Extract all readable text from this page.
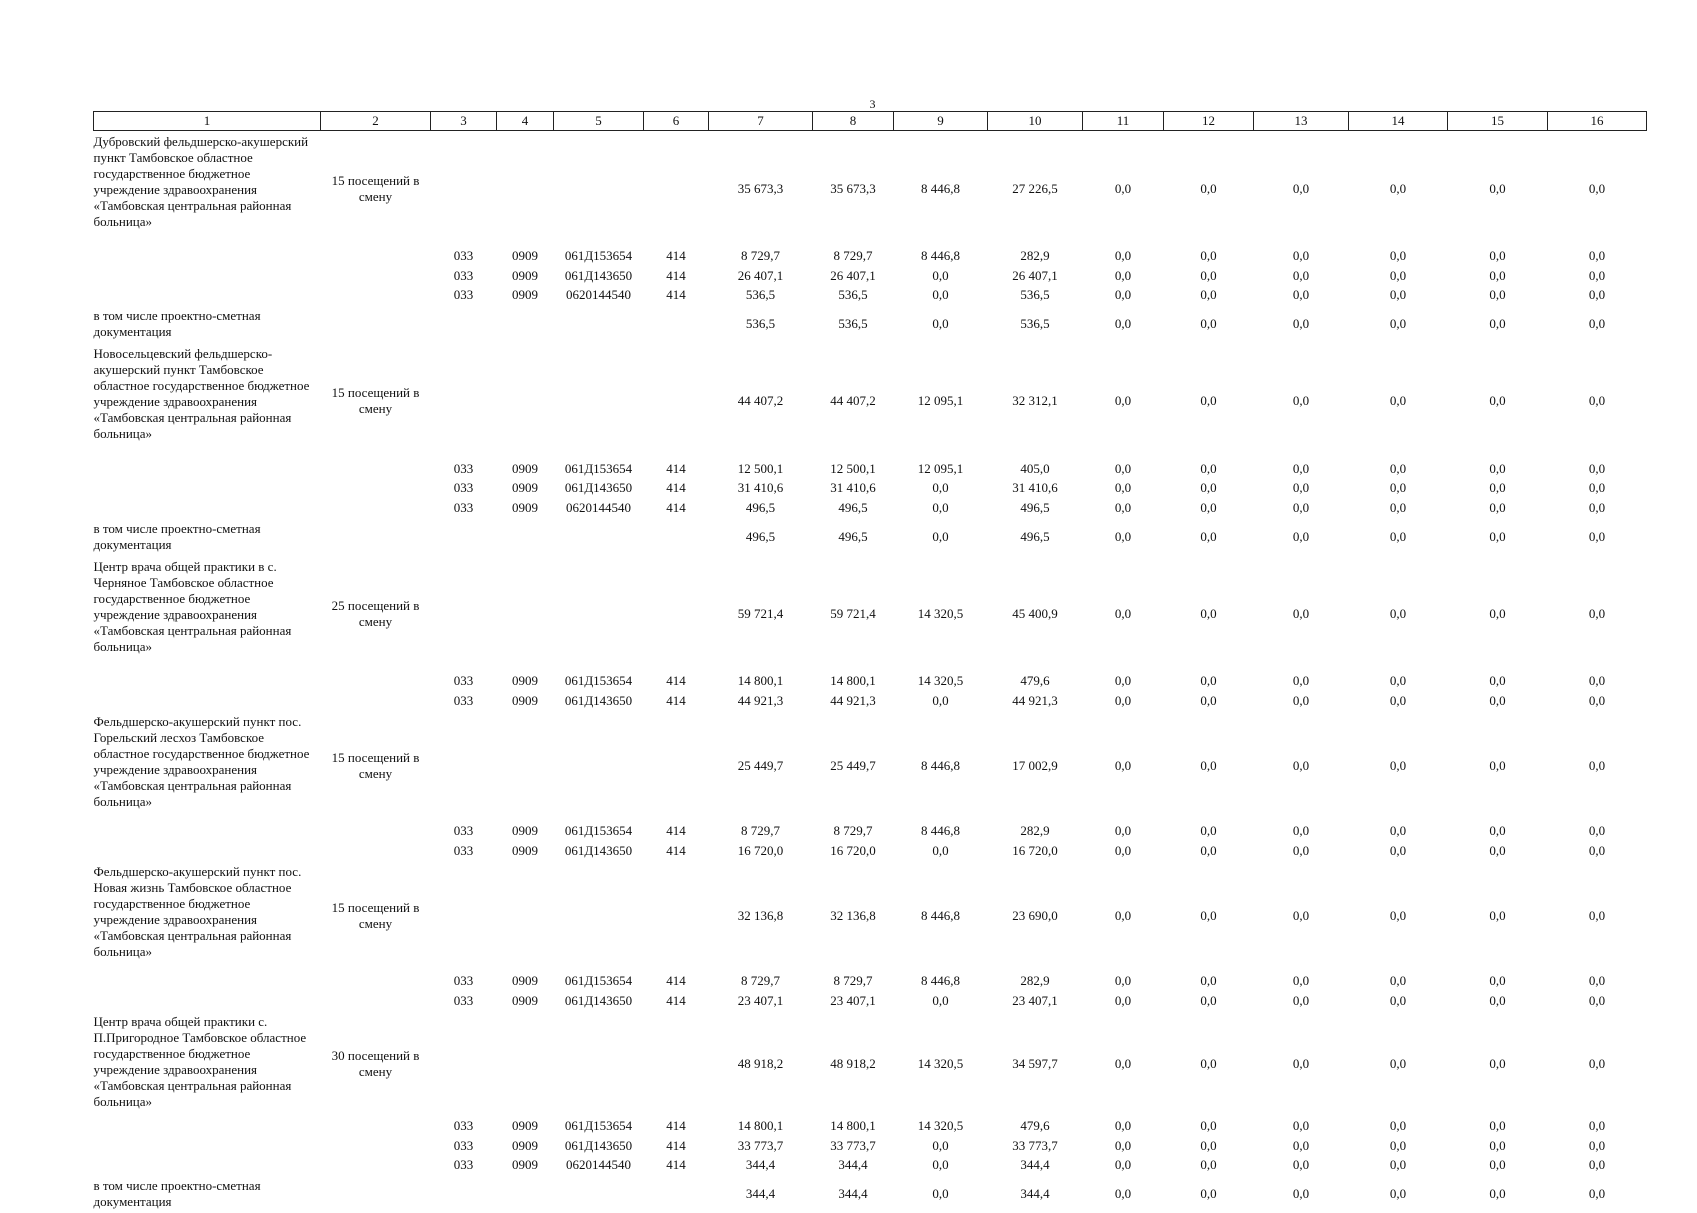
3
1	2	3	4	5	6	7	8	9	10	11	12	13	14	15	16
Дубровский фельдшерско-акушерский пункт Тамбовское областное государственное бюджетное учреждение здравоохранения «Тамбовская центральная районная больница»	15 посещений в смену					35 673,3	35 673,3	8 446,8	27 226,5	0,0	0,0	0,0	0,0	0,0	0,0
		033	0909	061Д153654	414	8 729,7	8 729,7	8 446,8	282,9	0,0	0,0	0,0	0,0	0,0	0,0
		033	0909	061Д143650	414	26 407,1	26 407,1	0,0	26 407,1	0,0	0,0	0,0	0,0	0,0	0,0
		033	0909	0620144540	414	536,5	536,5	0,0	536,5	0,0	0,0	0,0	0,0	0,0	0,0
в том числе проектно-сметная документация						536,5	536,5	0,0	536,5	0,0	0,0	0,0	0,0	0,0	0,0
Новосельцевский фельдшерско-акушерский пункт Тамбовское областное государственное бюджетное учреждение здравоохранения «Тамбовская центральная районная больница»	15 посещений в смену					44 407,2	44 407,2	12 095,1	32 312,1	0,0	0,0	0,0	0,0	0,0	0,0
		033	0909	061Д153654	414	12 500,1	12 500,1	12 095,1	405,0	0,0	0,0	0,0	0,0	0,0	0,0
		033	0909	061Д143650	414	31 410,6	31 410,6	0,0	31 410,6	0,0	0,0	0,0	0,0	0,0	0,0
		033	0909	0620144540	414	496,5	496,5	0,0	496,5	0,0	0,0	0,0	0,0	0,0	0,0
в том числе проектно-сметная документация						496,5	496,5	0,0	496,5	0,0	0,0	0,0	0,0	0,0	0,0
Центр врача общей практики в с. Черняное Тамбовское областное государственное бюджетное учреждение здравоохранения «Тамбовская центральная районная больница»	25 посещений в смену					59 721,4	59 721,4	14 320,5	45 400,9	0,0	0,0	0,0	0,0	0,0	0,0
		033	0909	061Д153654	414	14 800,1	14 800,1	14 320,5	479,6	0,0	0,0	0,0	0,0	0,0	0,0
		033	0909	061Д143650	414	44 921,3	44 921,3	0,0	44 921,3	0,0	0,0	0,0	0,0	0,0	0,0
Фельдшерско-акушерский пункт пос. Горельский лесхоз Тамбовское областное государственное бюджетное учреждение здравоохранения «Тамбовская центральная районная больница»	15 посещений в смену					25 449,7	25 449,7	8 446,8	17 002,9	0,0	0,0	0,0	0,0	0,0	0,0
		033	0909	061Д153654	414	8 729,7	8 729,7	8 446,8	282,9	0,0	0,0	0,0	0,0	0,0	0,0
		033	0909	061Д143650	414	16 720,0	16 720,0	0,0	16 720,0	0,0	0,0	0,0	0,0	0,0	0,0
Фельдшерско-акушерский пункт пос. Новая жизнь Тамбовское областное государственное бюджетное учреждение здравоохранения «Тамбовская центральная районная больница»	15 посещений в смену					32 136,8	32 136,8	8 446,8	23 690,0	0,0	0,0	0,0	0,0	0,0	0,0
		033	0909	061Д153654	414	8 729,7	8 729,7	8 446,8	282,9	0,0	0,0	0,0	0,0	0,0	0,0
		033	0909	061Д143650	414	23 407,1	23 407,1	0,0	23 407,1	0,0	0,0	0,0	0,0	0,0	0,0
Центр врача общей практики с. П.Пригородное Тамбовское областное государственное бюджетное учреждение здравоохранения «Тамбовская центральная районная больница»	30 посещений в смену					48 918,2	48 918,2	14 320,5	34 597,7	0,0	0,0	0,0	0,0	0,0	0,0
		033	0909	061Д153654	414	14 800,1	14 800,1	14 320,5	479,6	0,0	0,0	0,0	0,0	0,0	0,0
		033	0909	061Д143650	414	33 773,7	33 773,7	0,0	33 773,7	0,0	0,0	0,0	0,0	0,0	0,0
		033	0909	0620144540	414	344,4	344,4	0,0	344,4	0,0	0,0	0,0	0,0	0,0	0,0
в том числе проектно-сметная документация						344,4	344,4	0,0	344,4	0,0	0,0	0,0	0,0	0,0	0,0
